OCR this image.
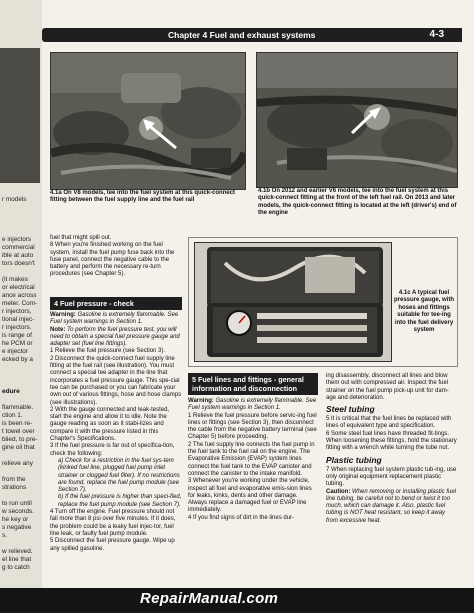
r models
e injectors
commercial
ible at auto
tors doesn't
(it makes
or electrical
ance across
meter. Com-
r injectors,
tional injec-
r injectors.
is range of
he PCM or
e injector
ecked by a
edure
flammable.
ction 1.
is been re-
t towel over
blied, to pre-
gine oil that
relieve any
from the
strations
to run until
w seconds.
he key or
s negative
s.
w relieved.
el line that
g to catch
Chapter 4 Fuel and exhaust systems	4-3
4.1a On V8 models, tee into the fuel system at this quick-connect fitting between the fuel supply line and the fuel rail
4.1b On 2012 and earlier V6 models, tee into the fuel system at this quick-connect fitting at the front of the left fuel rail. On 2013 and later models, the quick-connect fitting is located at the left (driver's) end of the engine
4.1c A typical fuel pressure gauge, with hoses and fittings suitable for tee-ing into the fuel delivery system

fuel that might spill out.

8 When you're finished working on the fuel system, install the fuel pump fuse back into the fuse panel, connect the negative cable to the battery and perform the necessary re-turn procedures (see Chapter 5).

4 Fuel pressure - check

Warning: Gasoline is extremely flammable. See Fuel system warnings in Section 1.

Note: To perform the fuel pressure test, you will need to obtain a special fuel pressure gauge and adapter set (fuel line fittings).

1 Relieve the fuel pressure (see Section 3).

2 Disconnect the quick-connect fuel supply line fitting at the fuel rail (see illustration). You must connect a special tee adapter in the line that incorporates a fuel pressure gauge. This spe-cial tee can be purchased or you can fabricate your own out of various fittings, hose and hose clamps (see illustrations).

2 With the gauge connected and leak-tested, start the engine and allow it to idle. Note the gauge reading as soon as it stabi-lizes and compare it with the pressure listed in this Chapter's Specifications.

3 If the fuel pressure is far out of specifica-tion, check the following:

a) Check for a restriction in the fuel sys-tem (kinked fuel line, plugged fuel pump inlet strainer or clogged fuel filter). If no restrictions are found, replace the fuel pump module (see Section 7).

b) If the fuel pressure is higher than speci-fied, replace the fuel pump module (see Section 7).

4 Turn off the engine. Fuel pressure should not fall more than 8 psi over five minutes. If it does, the problem could be a leaky fuel injec-tor, fuel line leak, or faulty fuel pump module.

5 Disconnect the fuel pressure gauge. Wipe up any spilled gasoline.

5 Fuel lines and fittings - general information and disconnection

Warning: Gasoline is extremely flammable. See Fuel system warnings in Section 1.

1 Relieve the fuel pressure before servic-ing fuel lines or fittings (see Section 3), then disconnect the cable from the negative battery terminal (see Chapter 5) before proceeding.

2 The fuel supply line connects the fuel pump in the fuel tank to the fuel rail on the engine. The Evaporative Emission (EVAP) system lines connect the fuel tank to the EVAP canister and connect the canister to the intake manifold.

3 Whenever you're working under the vehicle, inspect all fuel and evaporative emis-sion lines for leaks, kinks, dents and other damage. Always replace a damaged fuel or EVAP line immediately.

4 If you find signs of dirt in the lines dur-

ing disassembly, disconnect all lines and blow them out with compressed air. Inspect the fuel strainer on the fuel pump pick-up unit for dam-age and deterioration.

Steel tubing

5 It is critical that the fuel lines be replaced with lines of equivalent type and specification.

6 Some steel fuel lines have threaded fit-tings. When loosening these fittings, hold the stationary fitting with a wrench while turning the tube nut.

Plastic tubing

7 When replacing fuel system plastic tub-ing, use only original equipment replacement plastic tubing.

Caution: When removing or installing plastic fuel line tubing, be careful not to bend or twist it too much, which can damage it. Also, plastic fuel tubing is NOT heat resistant, so keep it away from excessive heat.

RepairManual.com
